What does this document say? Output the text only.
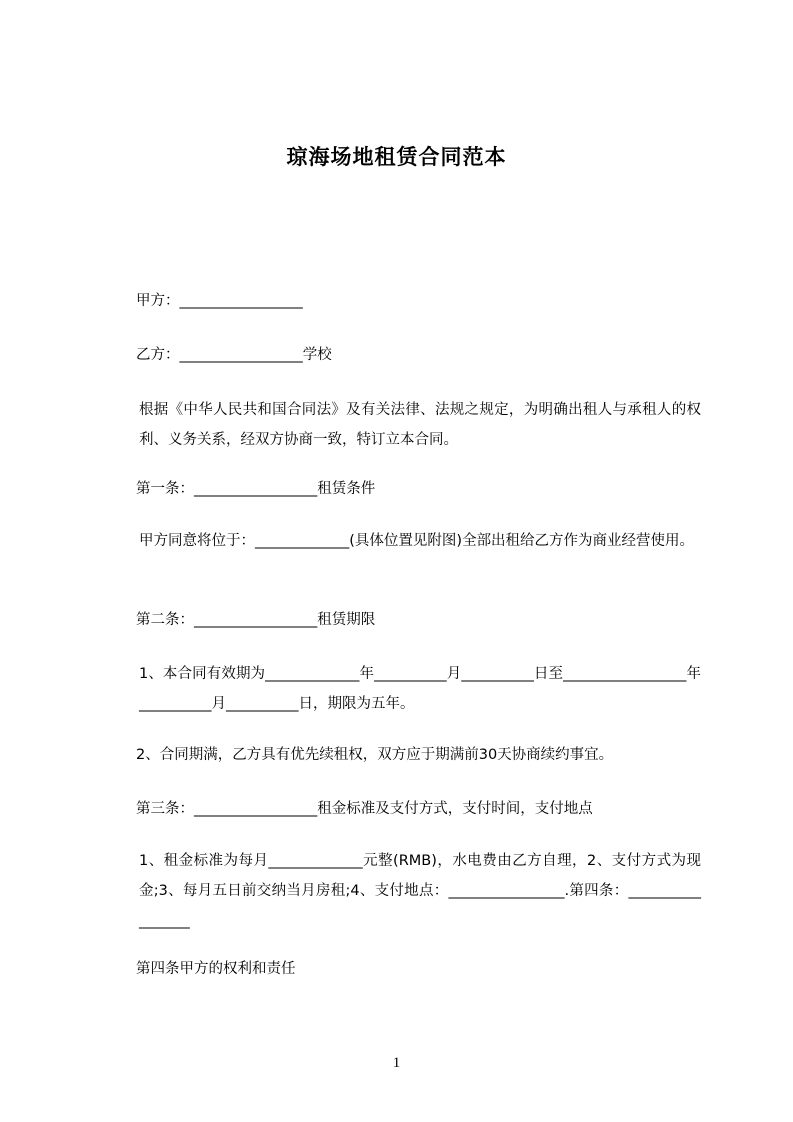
琼海场地租赁合同范本

甲方：_________________

乙方：_________________学校

根据《中华人民共和国合同法》及有关法律、法规之规定，为明确出租人与承租人的权利、义务关系，经双方协商一致，特订立本合同。

第一条：_________________租赁条件

甲方同意将位于：_____________(具体位置见附图)全部出租给乙方作为商业经营使用。

第二条：_________________租赁期限

1、本合同有效期为_____________年__________月__________日至_________________年__________月__________日，期限为五年。

2、合同期满，乙方具有优先续租权，双方应于期满前30天协商续约事宜。

第三条：_________________租金标准及支付方式，支付时间，支付地点

1、租金标准为每月_____________元整(RMB)，水电费由乙方自理，2、支付方式为现金;3、每月五日前交纳当月房租;4、支付地点：________________.第四条：_________________

第四条甲方的权利和责任

1
